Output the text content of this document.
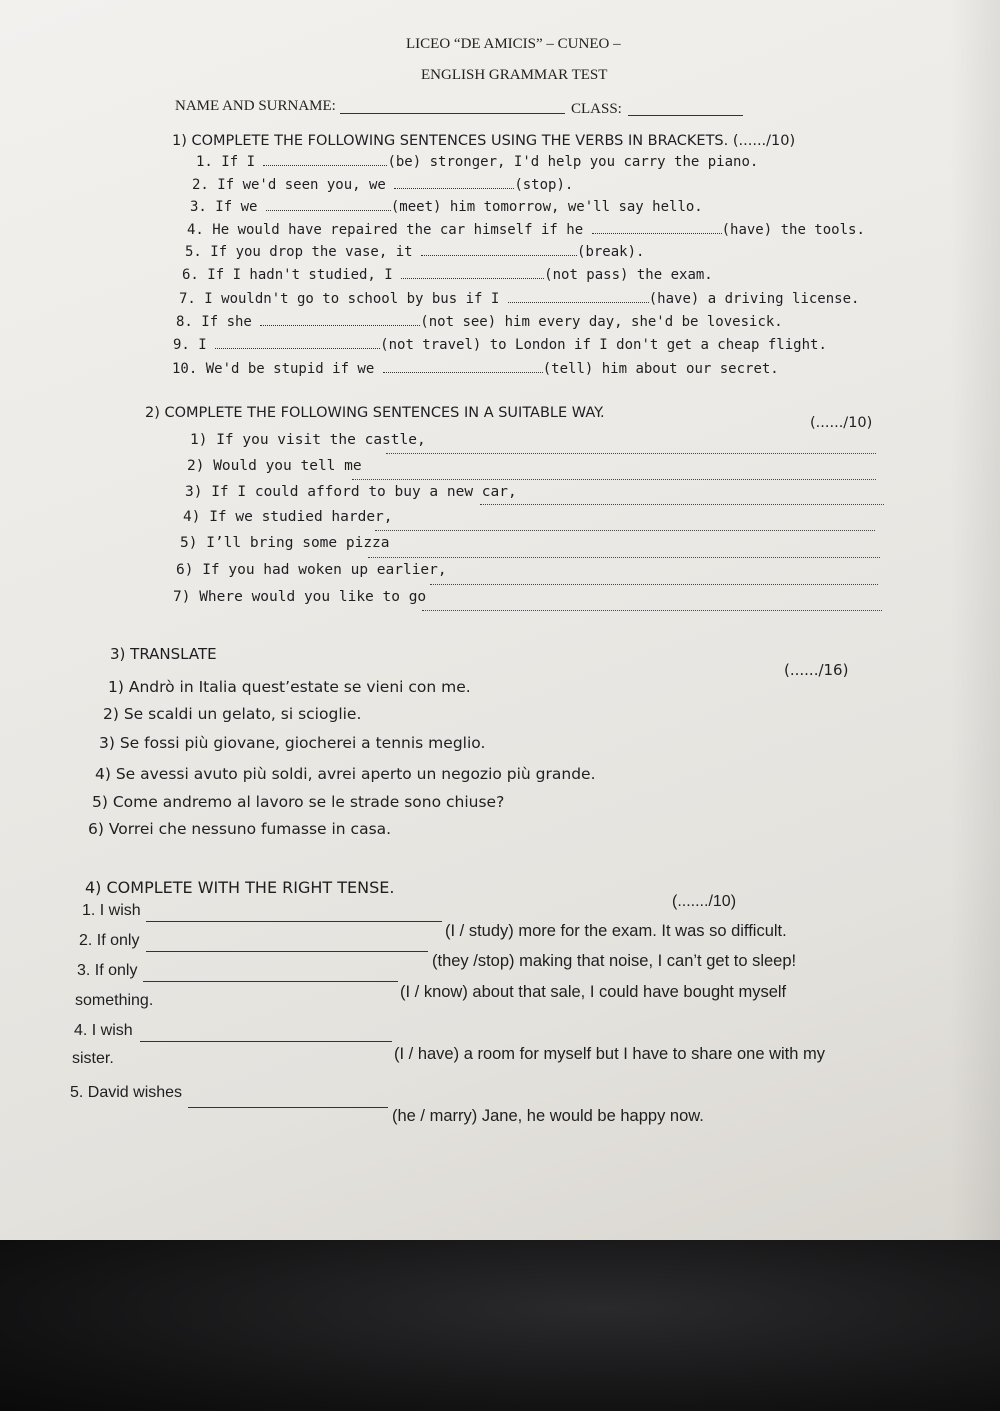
LICEO “DE AMICIS” – CUNEO –
ENGLISH GRAMMAR TEST
NAME AND SURNAME:	CLASS:
1) COMPLETE THE FOLLOWING SENTENCES USING THE VERBS IN BRACKETS. (....../10)
1. If I	(be) stronger, I'd help you carry the piano.
2. If we'd seen you, we	(stop).
3. If we	(meet) him tomorrow, we'll say hello.
4. He would have repaired the car himself if he	(have) the tools.
5. If you drop the vase, it	(break).
6. If I hadn't studied, I	(not pass) the exam.
7. I wouldn't go to school by bus if I	(have) a driving license.
8. If she	(not see) him every day, she'd be lovesick.
9. I	(not travel) to London if I don't get a cheap flight.
10. We'd be stupid if we	(tell) him about our secret.
2) COMPLETE THE FOLLOWING SENTENCES IN A SUITABLE WAY.
(....../10)
1) If you visit the castle,
2) Would you tell me
3) If I could afford to buy a new car,
4) If we studied harder,
5) I’ll bring some pizza
6) If you had woken up earlier,
7) Where would you like to go
3) TRANSLATE
(....../16)
1) Andrò in Italia quest’estate se vieni con me.
2) Se scaldi un gelato, si scioglie.
3) Se fossi più giovane, giocherei a tennis meglio.
4) Se avessi avuto più soldi, avrei aperto un negozio più grande.
5) Come andremo al lavoro se le strade sono chiuse?
6) Vorrei che nessuno fumasse in casa.
4) COMPLETE WITH THE RIGHT TENSE.
(......./10)
1. I wish
(I / study) more for the exam. It was so difficult.
2. If only
(they /stop) making that noise, I can’t get to sleep!
3. If only
(I / know) about that sale, I could have bought myself
something.
4. I wish
(I / have) a room for myself but I have to share one with my
sister.
5. David wishes
(he / marry) Jane, he would be happy now.
